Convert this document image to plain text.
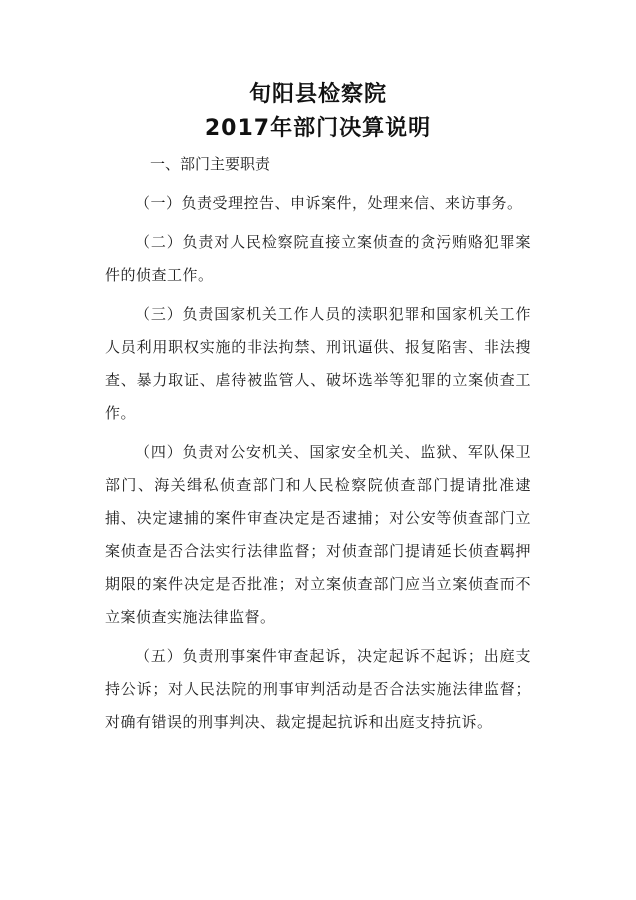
旬阳县检察院
2017年部门决算说明

一、部门主要职责

（一）负责受理控告、申诉案件，处理来信、来访事务。

（二）负责对人民检察院直接立案侦查的贪污贿赂犯罪案件的侦查工作。

（三）负责国家机关工作人员的渎职犯罪和国家机关工作人员利用职权实施的非法拘禁、刑讯逼供、报复陷害、非法搜查、暴力取证、虐待被监管人、破坏选举等犯罪的立案侦查工作。

（四）负责对公安机关、国家安全机关、监狱、军队保卫部门、海关缉私侦查部门和人民检察院侦查部门提请批准逮捕、决定逮捕的案件审查决定是否逮捕；对公安等侦查部门立案侦查是否合法实行法律监督；对侦查部门提请延长侦查羁押期限的案件决定是否批准；对立案侦查部门应当立案侦查而不立案侦查实施法律监督。

（五）负责刑事案件审查起诉，决定起诉不起诉；出庭支持公诉；对人民法院的刑事审判活动是否合法实施法律监督；对确有错误的刑事判决、裁定提起抗诉和出庭支持抗诉。
